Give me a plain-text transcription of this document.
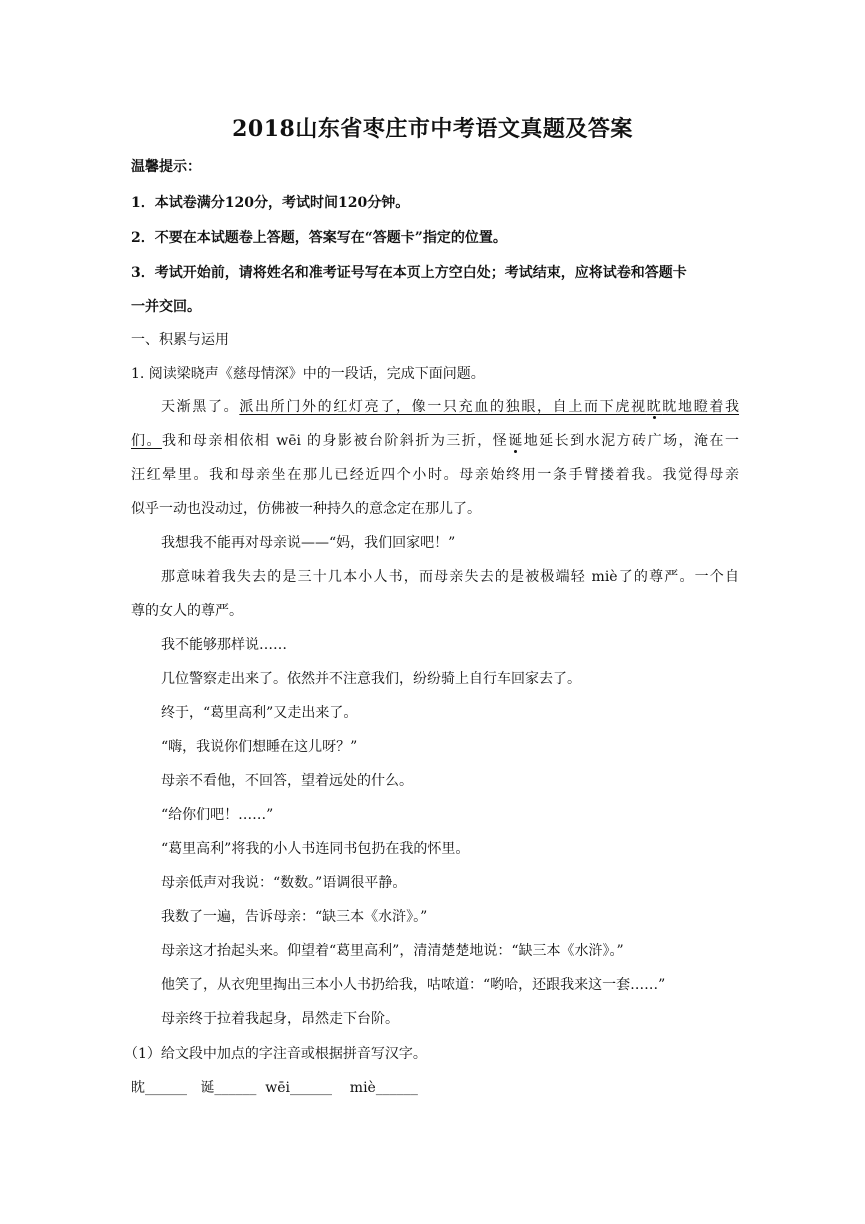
2018山东省枣庄市中考语文真题及答案
温馨提示：
1．本试卷满分120分，考试时间120分钟。
2．不要在本试题卷上答题，答案写在“答题卡”指定的位置。
3．考试开始前，请将姓名和准考证号写在本页上方空白处；考试结束，应将试卷和答题卡
一并交回。
一、积累与运用
1. 阅读梁晓声《慈母情深》中的一段话，完成下面问题。
天渐黑了。派出所门外的红灯亮了，像一只充血的独眼，自上而下虎视眈眈地瞪着我
们。我和母亲相依相 wēi 的身影被台阶斜折为三折，怪诞地延长到水泥方砖广场，淹在一
汪红晕里。我和母亲坐在那儿已经近四个小时。母亲始终用一条手臂搂着我。我觉得母亲
似乎一动也没动过，仿佛被一种持久的意念定在那儿了。
我想我不能再对母亲说——“妈，我们回家吧！”
那意味着我失去的是三十几本小人书，而母亲失去的是被极端轻 miè了的尊严。一个自
尊的女人的尊严。
我不能够那样说……
几位警察走出来了。依然并不注意我们，纷纷骑上自行车回家去了。
终于，“葛里高利”又走出来了。
“嗨，我说你们想睡在这儿呀？”
母亲不看他，不回答，望着远处的什么。
“给你们吧！……”
“葛里高利”将我的小人书连同书包扔在我的怀里。
母亲低声对我说：“数数。”语调很平静。
我数了一遍，告诉母亲：“缺三本《水浒》。”
母亲这才抬起头来。仰望着“葛里高利”，清清楚楚地说：“缺三本《水浒》。”
他笑了，从衣兜里掏出三本小人书扔给我，咕哝道：“哟哈，还跟我来这一套……”
母亲终于拉着我起身，昂然走下台阶。
（1）给文段中加点的字注音或根据拼音写汉字。
眈______   诞______  wēi______    miè______
